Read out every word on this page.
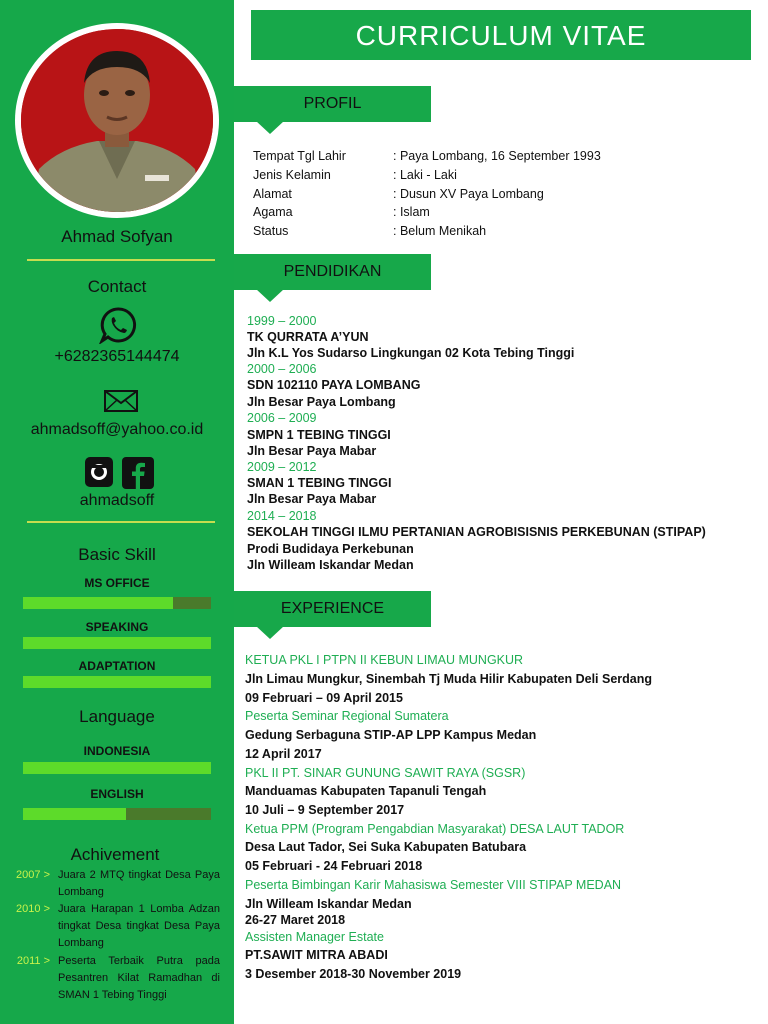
Ahmad Sofyan
Contact
+6282365144474
ahmadsoff@yahoo.co.id
ahmadsoff
Basic Skill
MS OFFICE
SPEAKING
ADAPTATION
Language
INDONESIA
ENGLISH
Achivement
2007 > Juara 2 MTQ tingkat Desa Paya Lombang
2010 > Juara Harapan 1 Lomba Adzan tingkat Desa tingkat Desa Paya Lombang
2011 > Peserta Terbaik Putra pada Pesantren Kilat Ramadhan di SMAN 1 Tebing Tinggi
CURRICULUM VITAE
PROFIL
Tempat Tgl Lahir	: Paya Lombang, 16 September 1993
Jenis Kelamin	: Laki - Laki
Alamat	: Dusun XV Paya Lombang
Agama	: Islam
Status	: Belum Menikah
PENDIDIKAN
1999 – 2000
TK QURRATA A’YUN
Jln K.L Yos Sudarso Lingkungan 02 Kota Tebing Tinggi
2000 – 2006
SDN 102110 PAYA LOMBANG
Jln Besar Paya Lombang
2006 – 2009
SMPN 1 TEBING TINGGI
Jln Besar Paya Mabar
2009 – 2012
SMAN 1 TEBING TINGGI
Jln Besar Paya Mabar
2014 – 2018
SEKOLAH TINGGI ILMU PERTANIAN AGROBISISNIS PERKEBUNAN (STIPAP)
Prodi Budidaya Perkebunan
Jln Willeam Iskandar Medan
EXPERIENCE
KETUA PKL I PTPN II KEBUN LIMAU MUNGKUR
Jln Limau Mungkur, Sinembah Tj Muda Hilir Kabupaten Deli Serdang
09 Februari – 09 April 2015
Peserta Seminar Regional Sumatera
Gedung Serbaguna STIP-AP LPP Kampus Medan
12 April 2017
PKL II PT. SINAR GUNUNG SAWIT RAYA (SGSR)
Manduamas Kabupaten Tapanuli Tengah
10 Juli – 9 September 2017
Ketua PPM (Program Pengabdian Masyarakat) DESA LAUT TADOR
Desa Laut Tador, Sei Suka Kabupaten Batubara
05 Februari - 24 Februari 2018
Peserta Bimbingan Karir Mahasiswa Semester VIII STIPAP MEDAN
Jln Willeam Iskandar Medan
26-27 Maret 2018
Assisten Manager Estate
PT.SAWIT MITRA ABADI
3 Desember 2018-30 November 2019
